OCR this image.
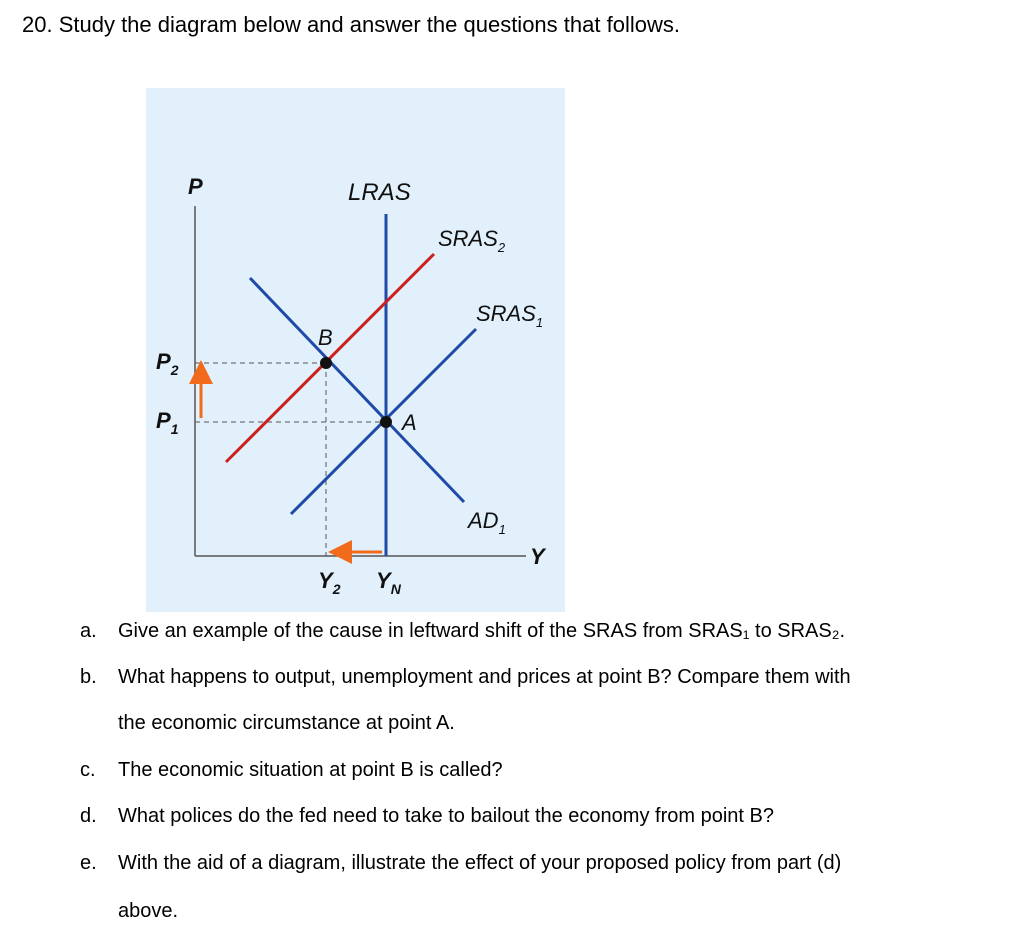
20. Study the diagram below and answer the questions that follows.
P
Y
LRAS
$SRAS_2$
$SRAS_1$
$AD_1$
B
A
$P_2$
$P_1$
$Y_2$ $Y_N$
a. Give an example of the cause in leftward shift of the SRAS from SRAS₁ to SRAS₂.
b. What happens to output, unemployment and prices at point B? Compare them with
the economic circumstance at point A.
c. The economic situation at point B is called?
d. What polices do the fed need to take to bailout the economy from point B?
e. With the aid of a diagram, illustrate the effect of your proposed policy from part (d)
above.
